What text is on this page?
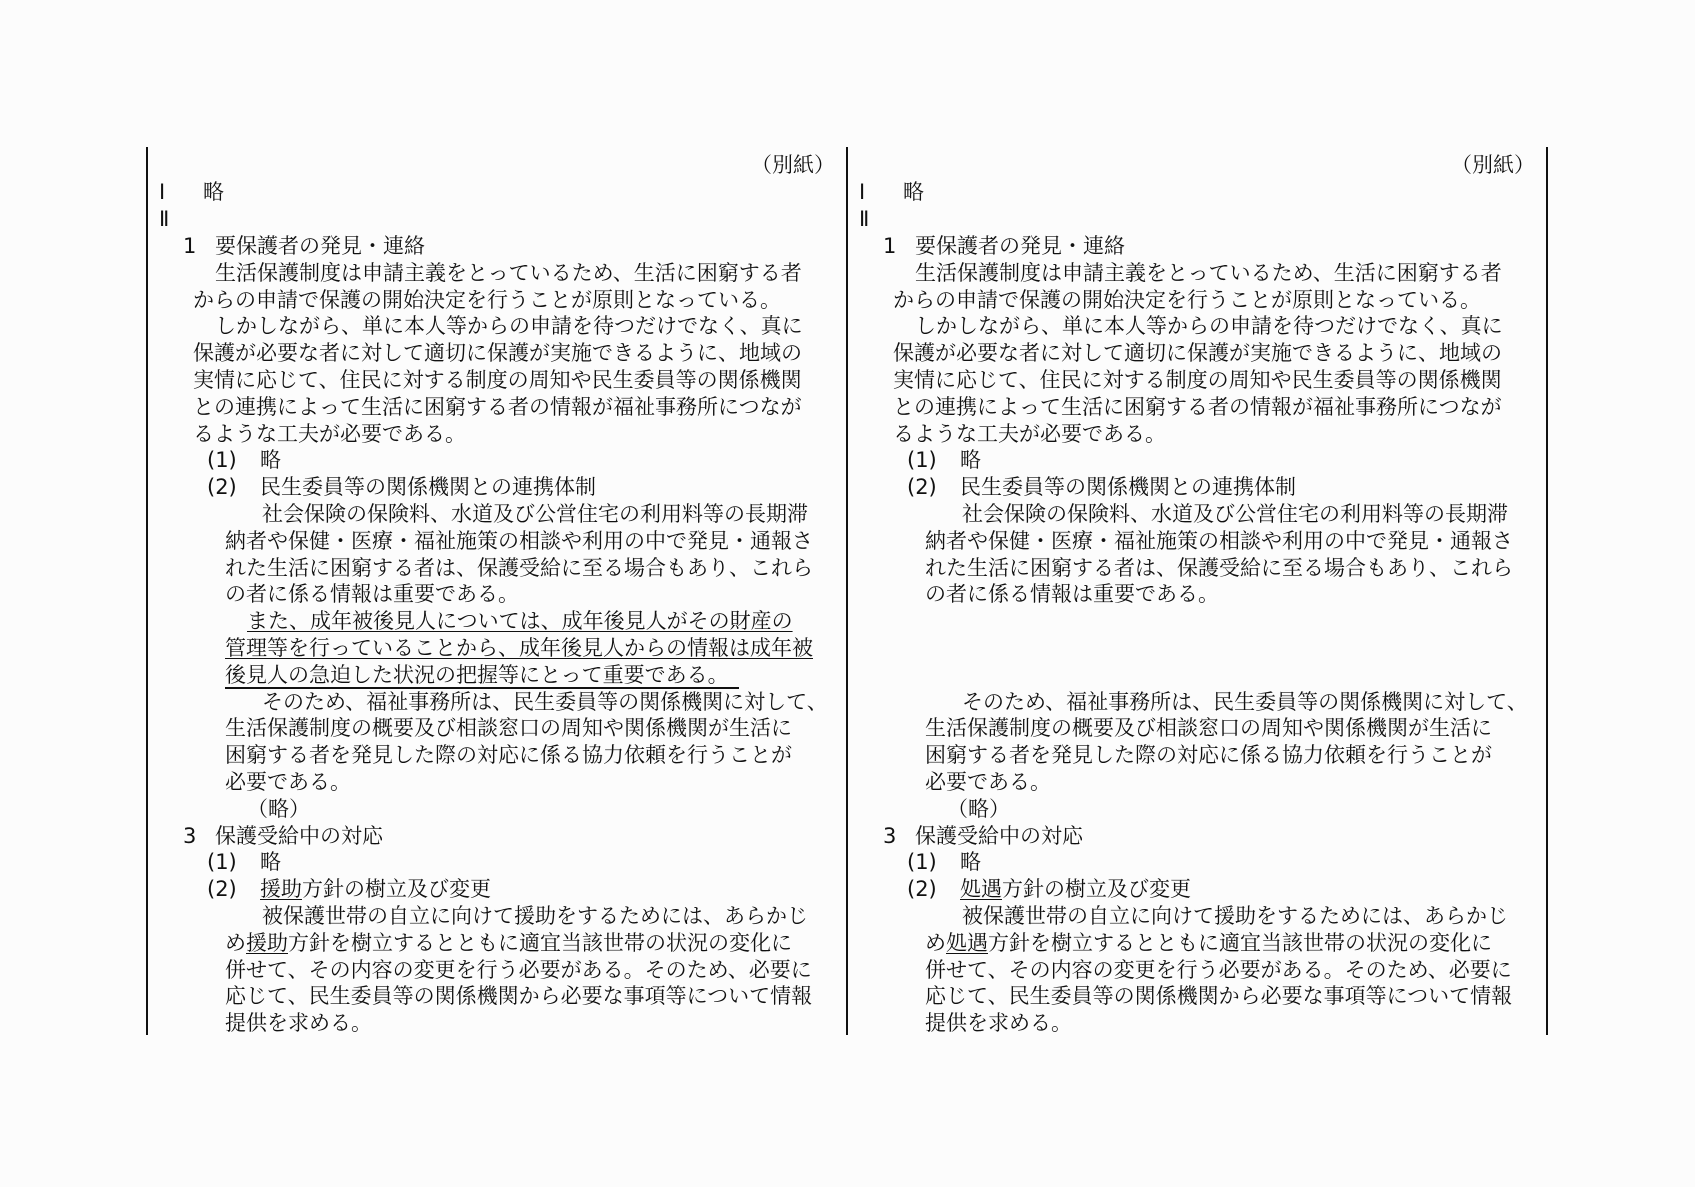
（別紙）
Ⅰ 略
Ⅱ
1 要保護者の発見・連絡
生活保護制度は申請主義をとっているため、生活に困窮する者
からの申請で保護の開始決定を行うことが原則となっている。
しかしながら、単に本人等からの申請を待つだけでなく、真に
保護が必要な者に対して適切に保護が実施できるように、地域の
実情に応じて、住民に対する制度の周知や民生委員等の関係機関
との連携によって生活に困窮する者の情報が福祉事務所につなが
るような工夫が必要である。
(1) 略
(2) 民生委員等の関係機関との連携体制
社会保険の保険料、水道及び公営住宅の利用料等の長期滞
納者や保健・医療・福祉施策の相談や利用の中で発見・通報さ
れた生活に困窮する者は、保護受給に至る場合もあり、これら
の者に係る情報は重要である。
また、成年被後見人については、成年後見人がその財産の
管理等を行っていることから、成年後見人からの情報は成年被
後見人の急迫した状況の把握等にとって重要である。
そのため、福祉事務所は、民生委員等の関係機関に対して、
生活保護制度の概要及び相談窓口の周知や関係機関が生活に
困窮する者を発見した際の対応に係る協力依頼を行うことが
必要である。
（略）
3 保護受給中の対応
(1) 略
(2) 援助方針の樹立及び変更
被保護世帯の自立に向けて援助をするためには、あらかじ
め援助方針を樹立するとともに適宜当該世帯の状況の変化に
併せて、その内容の変更を行う必要がある。そのため、必要に
応じて、民生委員等の関係機関から必要な事項等について情報
提供を求める。
（別紙）
Ⅰ 略
Ⅱ
1 要保護者の発見・連絡
生活保護制度は申請主義をとっているため、生活に困窮する者
からの申請で保護の開始決定を行うことが原則となっている。
しかしながら、単に本人等からの申請を待つだけでなく、真に
保護が必要な者に対して適切に保護が実施できるように、地域の
実情に応じて、住民に対する制度の周知や民生委員等の関係機関
との連携によって生活に困窮する者の情報が福祉事務所につなが
るような工夫が必要である。
(1) 略
(2) 民生委員等の関係機関との連携体制
社会保険の保険料、水道及び公営住宅の利用料等の長期滞
納者や保健・医療・福祉施策の相談や利用の中で発見・通報さ
れた生活に困窮する者は、保護受給に至る場合もあり、これら
の者に係る情報は重要である。
そのため、福祉事務所は、民生委員等の関係機関に対して、
生活保護制度の概要及び相談窓口の周知や関係機関が生活に
困窮する者を発見した際の対応に係る協力依頼を行うことが
必要である。
（略）
3 保護受給中の対応
(1) 略
(2) 処遇方針の樹立及び変更
被保護世帯の自立に向けて援助をするためには、あらかじ
め処遇方針を樹立するとともに適宜当該世帯の状況の変化に
併せて、その内容の変更を行う必要がある。そのため、必要に
応じて、民生委員等の関係機関から必要な事項等について情報
提供を求める。
